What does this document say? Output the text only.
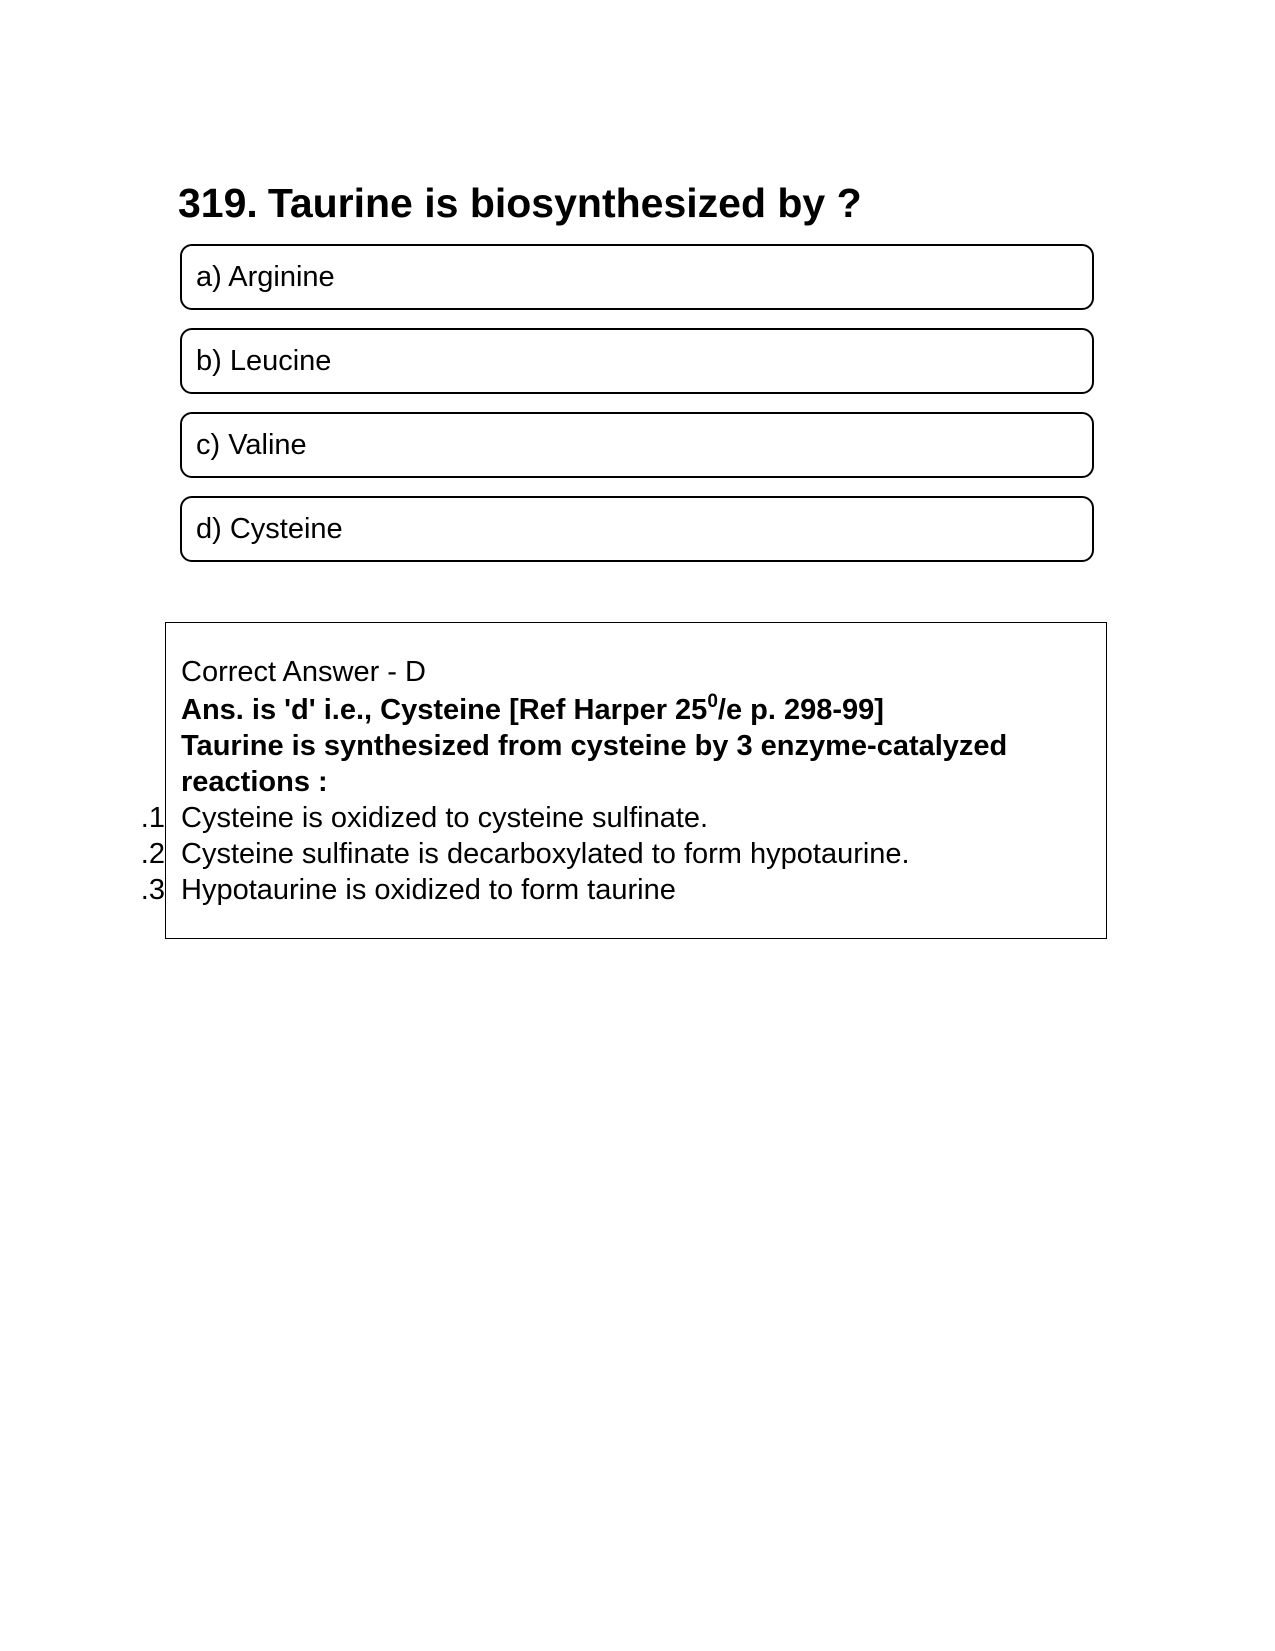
319. Taurine is biosynthesized by ?
a) Arginine
b) Leucine
c) Valine
d) Cysteine
Correct Answer - D
Ans. is 'd' i.e., Cysteine [Ref Harper $25^0/e$ p. 298-99]
Taurine is synthesized from cysteine by 3 enzyme-catalyzed
reactions :
1. Cysteine is oxidized to cysteine sulfinate.
2. Cysteine sulfinate is decarboxylated to form hypotaurine.
3. Hypotaurine is oxidized to form taurine
